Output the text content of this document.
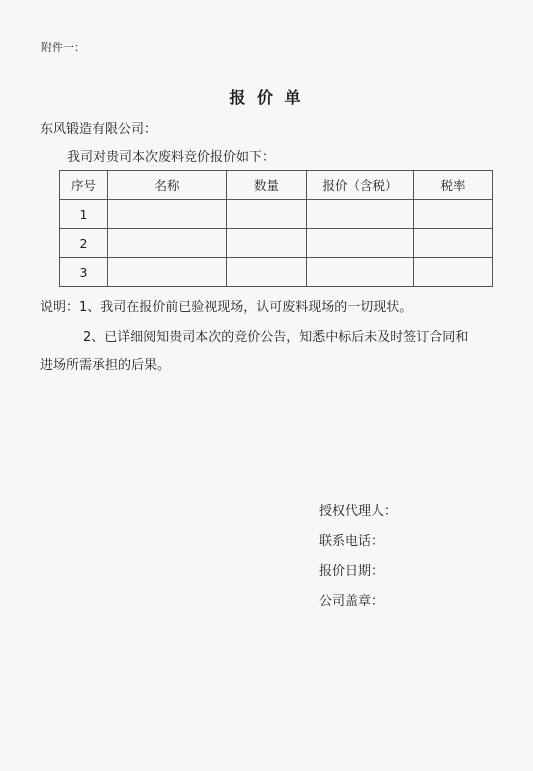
附件一：
报 价 单
东风锻造有限公司：
我司对贵司本次废料竞价报价如下：
序号	名称	数量	报价（含税）	税率
1				
2				
3				
说明：1、我司在报价前已验视现场，认可废料现场的一切现状。
2、已详细阅知贵司本次的竞价公告，知悉中标后未及时签订合同和
进场所需承担的后果。
授权代理人：
联系电话：
报价日期：
公司盖章：
